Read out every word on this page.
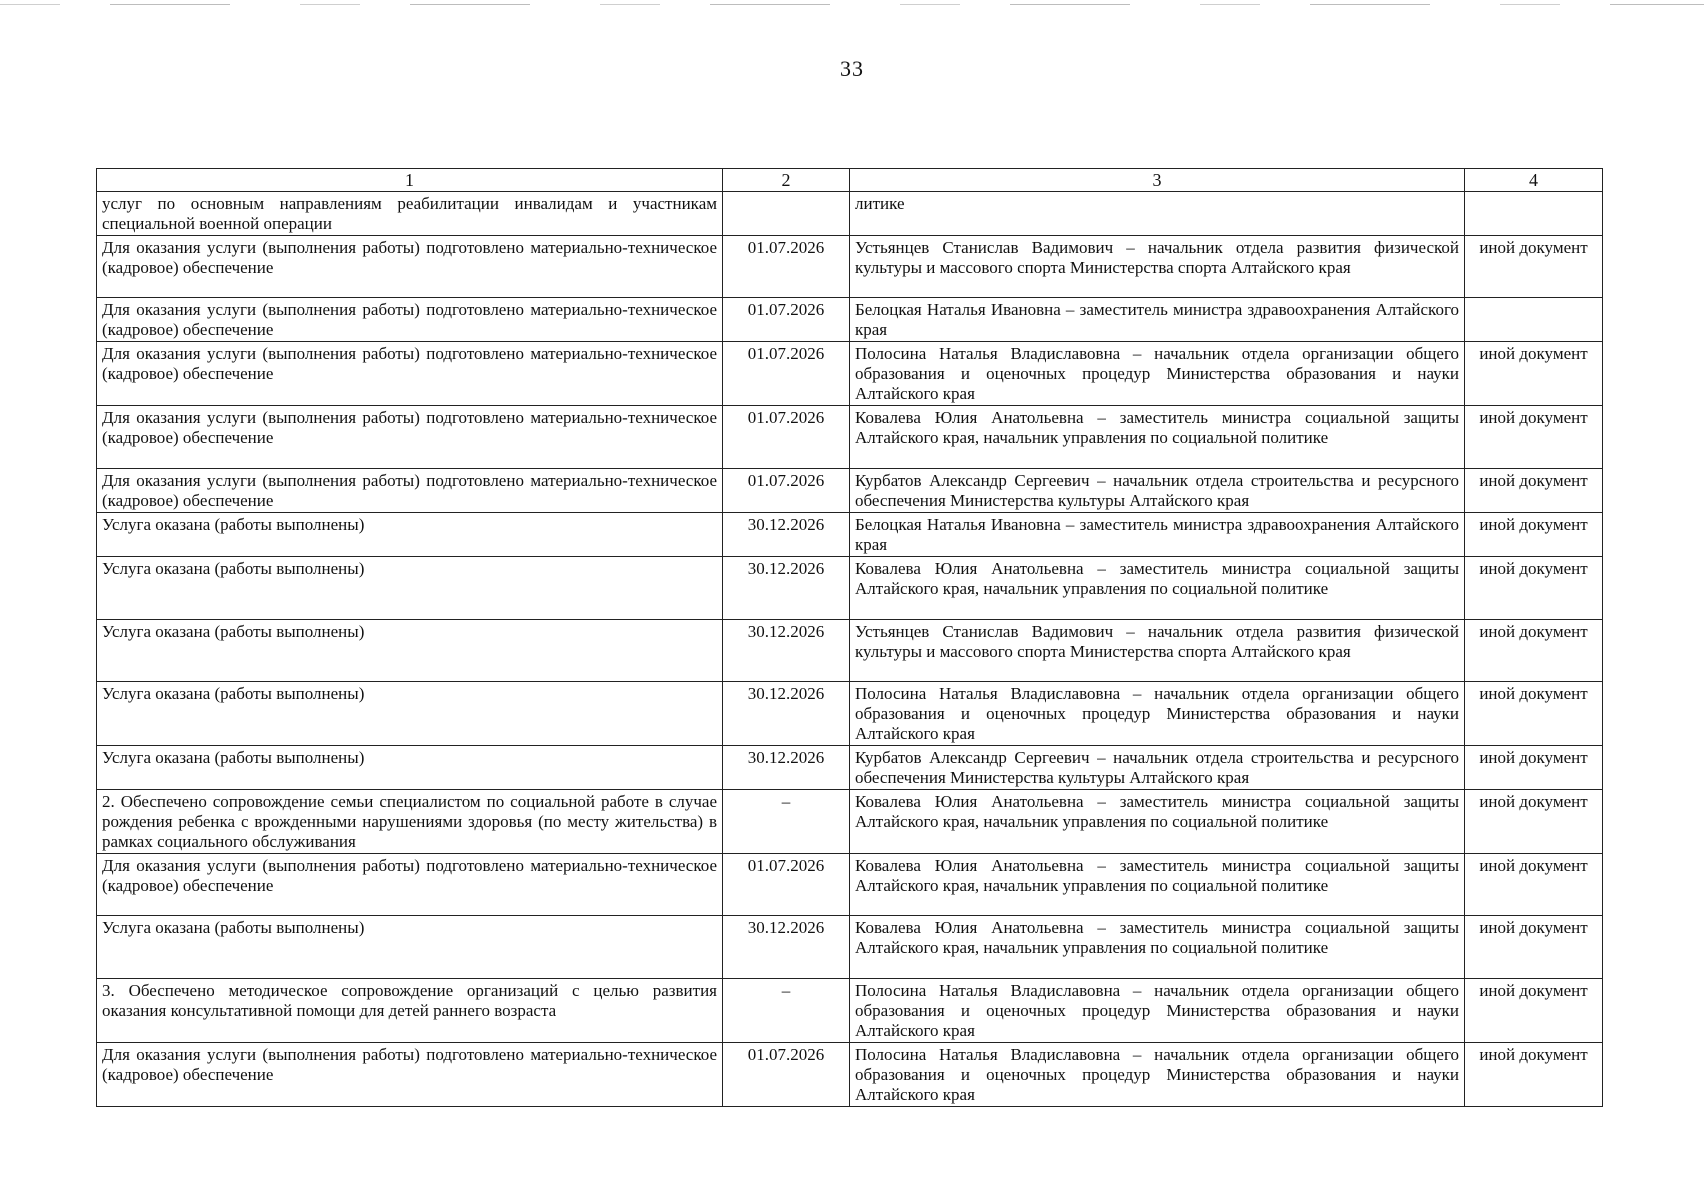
33
1	2	3	4
услуг по основным направлениям реабилитации инвалидам и участникам специальной военной операции		литике	
Для оказания услуги (выполнения работы) подготовлено материально-техническое (кадровое) обеспечение	01.07.2026	Устьянцев Станислав Вадимович – начальник отдела развития физической культуры и массового спорта Министерства спорта Алтайского края	иной документ
Для оказания услуги (выполнения работы) подготовлено материально-техническое (кадровое) обеспечение	01.07.2026	Белоцкая Наталья Ивановна – заместитель министра здравоохранения Алтайского края	
Для оказания услуги (выполнения работы) подготовлено материально-техническое (кадровое) обеспечение	01.07.2026	Полосина Наталья Владиславовна – начальник отдела организации общего образования и оценочных процедур Министерства образования и науки Алтайского края	иной документ
Для оказания услуги (выполнения работы) подготовлено материально-техническое (кадровое) обеспечение	01.07.2026	Ковалева Юлия Анатольевна – заместитель министра социальной защиты Алтайского края, начальник управления по социальной политике	иной документ
Для оказания услуги (выполнения работы) подготовлено материально-техническое (кадровое) обеспечение	01.07.2026	Курбатов Александр Сергеевич – начальник отдела строительства и ресурсного обеспечения Министерства культуры Алтайского края	иной документ
Услуга оказана (работы выполнены)	30.12.2026	Белоцкая Наталья Ивановна – заместитель министра здравоохранения Алтайского края	иной документ
Услуга оказана (работы выполнены)	30.12.2026	Ковалева Юлия Анатольевна – заместитель министра социальной защиты Алтайского края, начальник управления по социальной политике	иной документ
Услуга оказана (работы выполнены)	30.12.2026	Устьянцев Станислав Вадимович – начальник отдела развития физической культуры и массового спорта Министерства спорта Алтайского края	иной документ
Услуга оказана (работы выполнены)	30.12.2026	Полосина Наталья Владиславовна – начальник отдела организации общего образования и оценочных процедур Министерства образования и науки Алтайского края	иной документ
Услуга оказана (работы выполнены)	30.12.2026	Курбатов Александр Сергеевич – начальник отдела строительства и ресурсного обеспечения Министерства культуры Алтайского края	иной документ
2. Обеспечено сопровождение семьи специалистом по социальной работе в случае рождения ребенка с врожденными нарушениями здоровья (по месту жительства) в рамках социального обслуживания	–	Ковалева Юлия Анатольевна – заместитель министра социальной защиты Алтайского края, начальник управления по социальной политике	иной документ
Для оказания услуги (выполнения работы) подготовлено материально-техническое (кадровое) обеспечение	01.07.2026	Ковалева Юлия Анатольевна – заместитель министра социальной защиты Алтайского края, начальник управления по социальной политике	иной документ
Услуга оказана (работы выполнены)	30.12.2026	Ковалева Юлия Анатольевна – заместитель министра социальной защиты Алтайского края, начальник управления по социальной политике	иной документ
3. Обеспечено методическое сопровождение организаций с целью развития оказания консультативной помощи для детей раннего возраста	–	Полосина Наталья Владиславовна – начальник отдела организации общего образования и оценочных процедур Министерства образования и науки Алтайского края	иной документ
Для оказания услуги (выполнения работы) подготовлено материально-техническое (кадровое) обеспечение	01.07.2026	Полосина Наталья Владиславовна – начальник отдела организации общего образования и оценочных процедур Министерства образования и науки Алтайского края	иной документ
